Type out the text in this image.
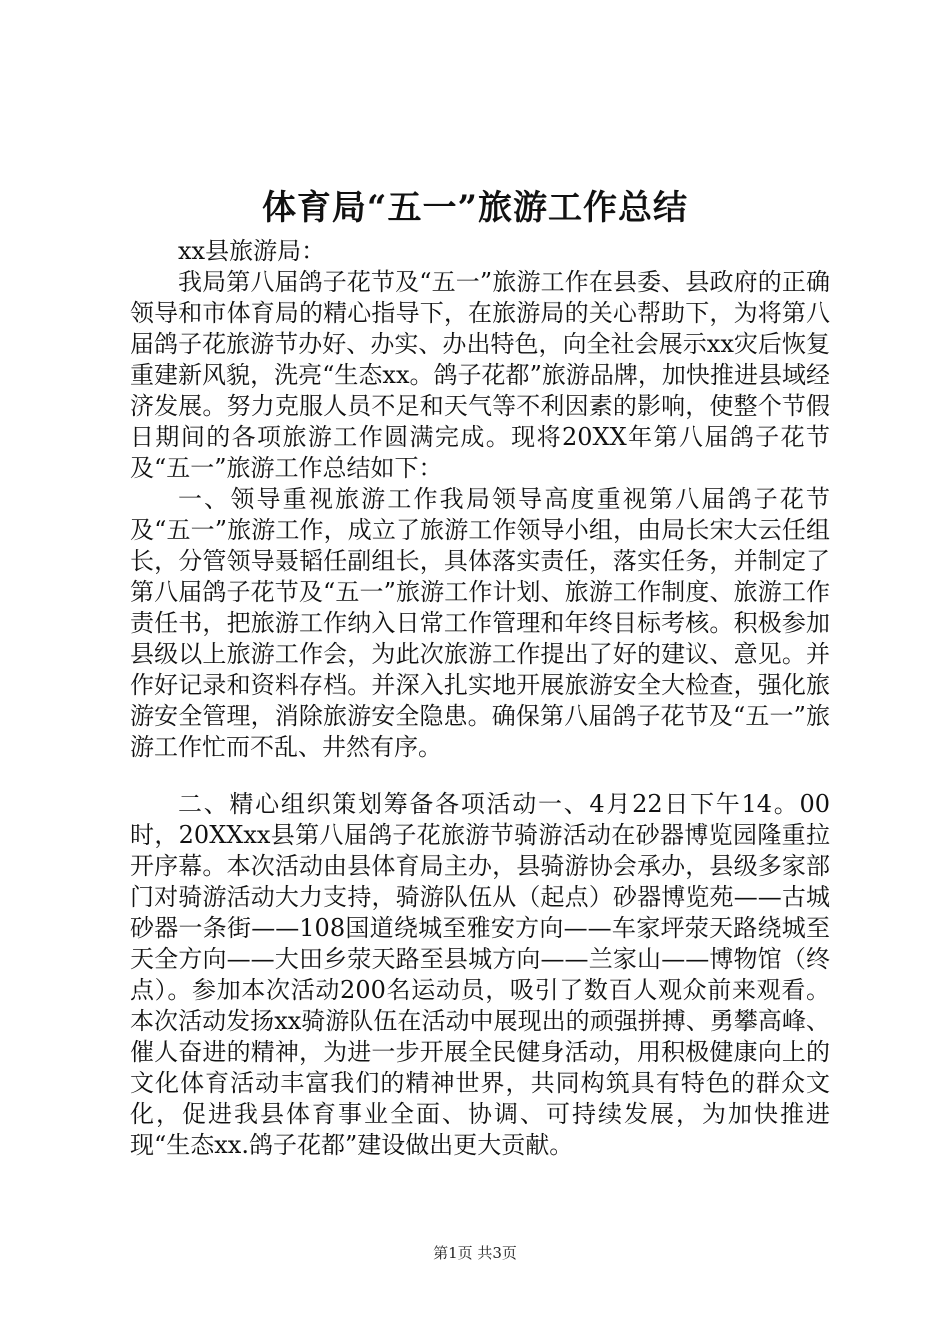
体育局“五一”旅游工作总结

xx县旅游局：

我局第八届鸽子花节及“五一”旅游工作在县委、县政府的正确领导和市体育局的精心指导下，在旅游局的关心帮助下，为将第八届鸽子花旅游节办好、办实、办出特色，向全社会展示xx灾后恢复重建新风貌，洗亮“生态xx。鸽子花都”旅游品牌，加快推进县域经济发展。努力克服人员不足和天气等不利因素的影响，使整个节假日期间的各项旅游工作圆满完成。现将20XX年第八届鸽子花节及“五一”旅游工作总结如下：

一、领导重视旅游工作我局领导高度重视第八届鸽子花节及“五一”旅游工作，成立了旅游工作领导小组，由局长宋大云任组长，分管领导聂韬任副组长，具体落实责任，落实任务，并制定了第八届鸽子花节及“五一”旅游工作计划、旅游工作制度、旅游工作责任书，把旅游工作纳入日常工作管理和年终目标考核。积极参加县级以上旅游工作会，为此次旅游工作提出了好的建议、意见。并作好记录和资料存档。并深入扎实地开展旅游安全大检查，强化旅游安全管理，消除旅游安全隐患。确保第八届鸽子花节及“五一”旅游工作忙而不乱、井然有序。

二、精心组织策划筹备各项活动一、4月22日下午14。00时，20XXxx县第八届鸽子花旅游节骑游活动在砂器博览园隆重拉开序幕。本次活动由县体育局主办，县骑游协会承办，县级多家部门对骑游活动大力支持，骑游队伍从（起点）砂器博览苑——古城砂器一条街——108国道绕城至雅安方向——车家坪荥天路绕城至天全方向——大田乡荥天路至县城方向——兰家山——博物馆（终点）。参加本次活动200名运动员，吸引了数百人观众前来观看。本次活动发扬xx骑游队伍在活动中展现出的顽强拼搏、勇攀高峰、催人奋进的精神，为进一步开展全民健身活动，用积极健康向上的文化体育活动丰富我们的精神世界，共同构筑具有特色的群众文化，促进我县体育事业全面、协调、可持续发展，为加快推进现“生态xx.鸽子花都”建设做出更大贡献。

第1页 共3页
